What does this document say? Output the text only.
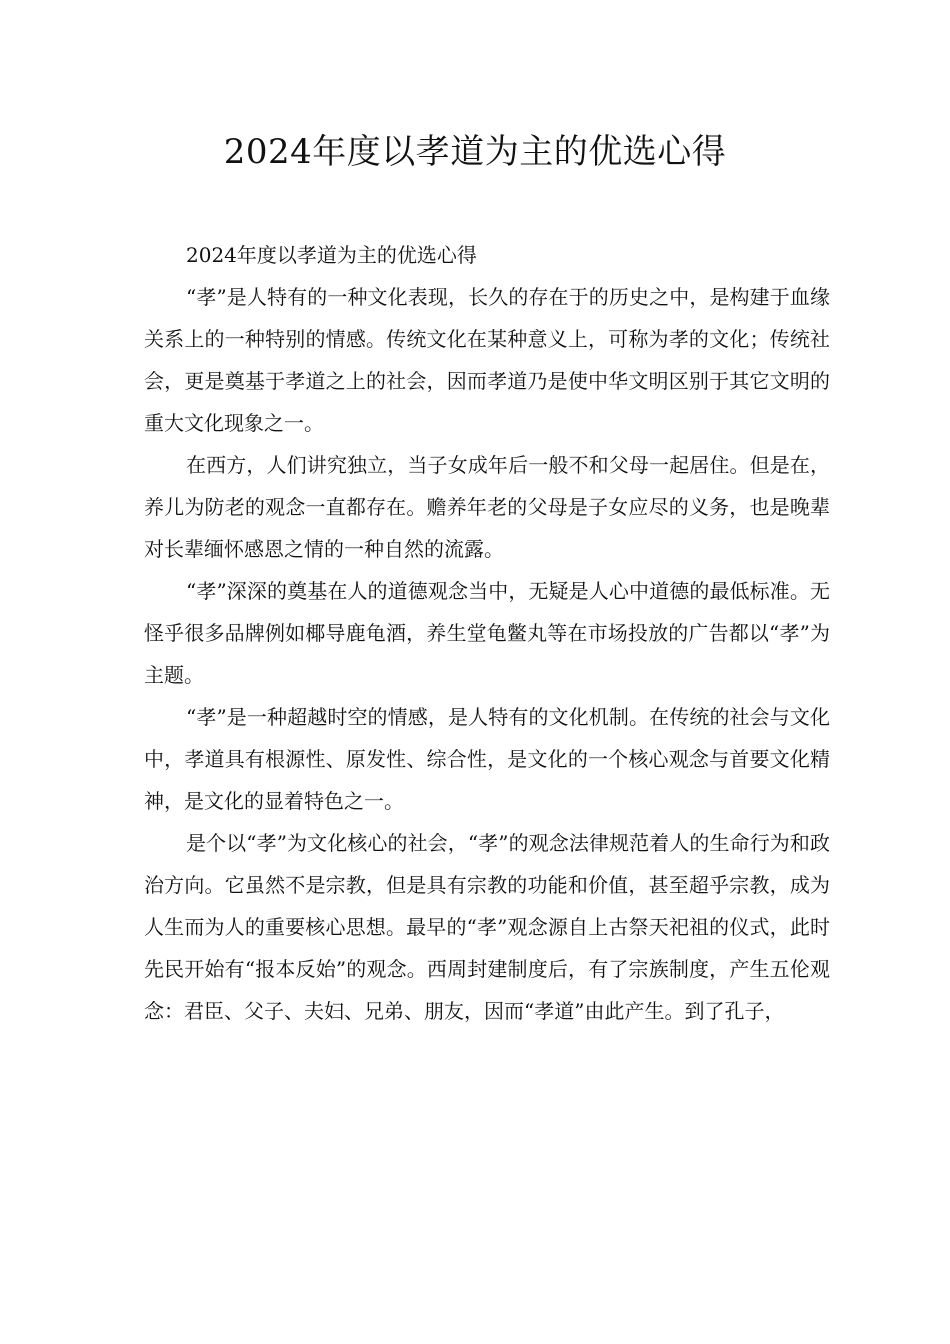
2024年度以孝道为主的优选心得

2024年度以孝道为主的优选心得

“孝”是人特有的一种文化表现，长久的存在于的历史之中，是构建于血缘关系上的一种特别的情感。传统文化在某种意义上，可称为孝的文化；传统社会，更是奠基于孝道之上的社会，因而孝道乃是使中华文明区别于其它文明的重大文化现象之一。

在西方，人们讲究独立，当子女成年后一般不和父母一起居住。但是在，养儿为防老的观念一直都存在。赡养年老的父母是子女应尽的义务，也是晚辈对长辈缅怀感恩之情的一种自然的流露。

“孝”深深的奠基在人的道德观念当中，无疑是人心中道德的最低标准。无怪乎很多品牌例如椰导鹿龟酒，养生堂龟鳖丸等在市场投放的广告都以“孝”为主题。

“孝”是一种超越时空的情感，是人特有的文化机制。在传统的社会与文化中，孝道具有根源性、原发性、综合性，是文化的一个核心观念与首要文化精神，是文化的显着特色之一。

是个以“孝”为文化核心的社会，“孝”的观念法律规范着人的生命行为和政治方向。它虽然不是宗教，但是具有宗教的功能和价值，甚至超乎宗教，成为人生而为人的重要核心思想。最早的“孝”观念源自上古祭天祀祖的仪式，此时先民开始有“报本反始”的观念。西周封建制度后，有了宗族制度，产生五伦观念：君臣、父子、夫妇、兄弟、朋友，因而“孝道”由此产生。到了孔子，
